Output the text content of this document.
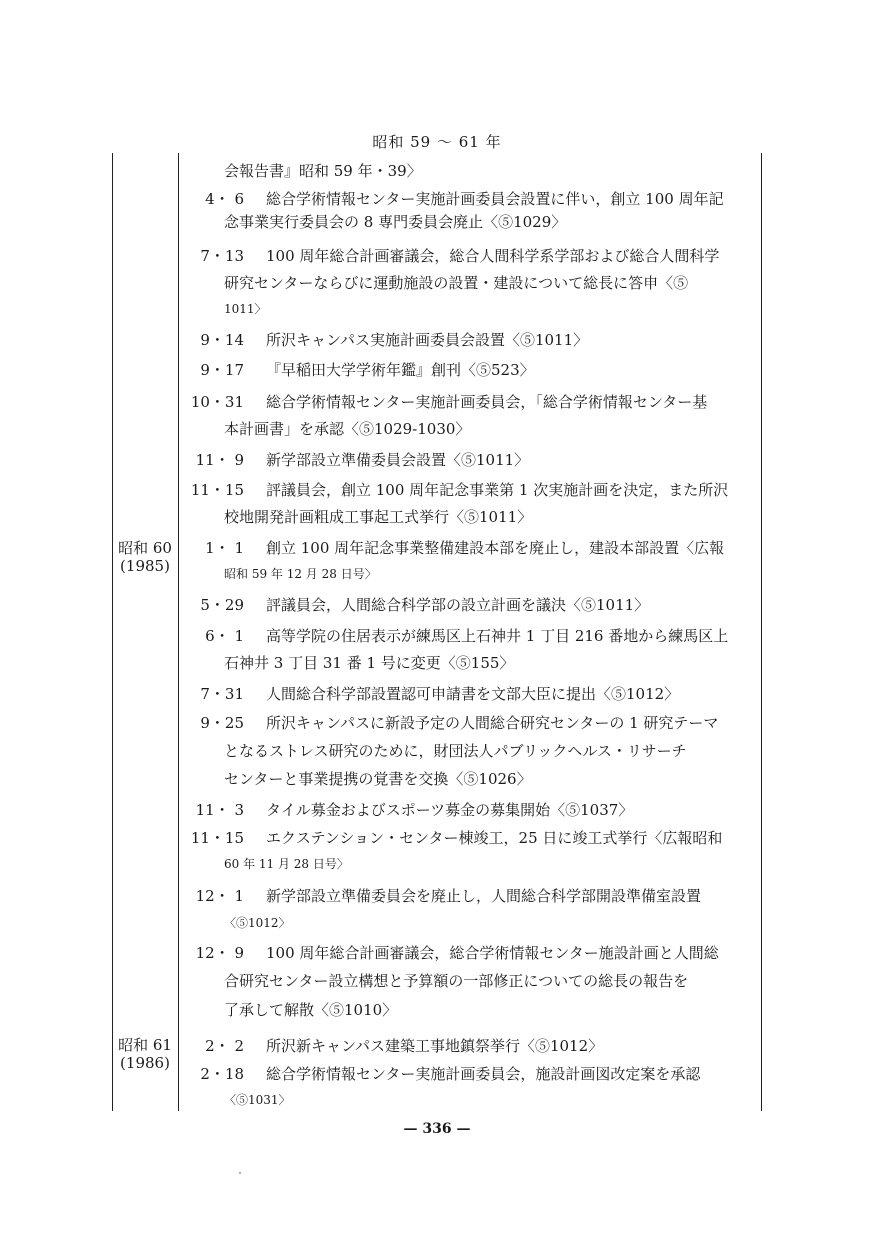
昭和 59 〜 61 年
昭和 60
(1985)
昭和 61
(1986)
会報告書』昭和 59 年・39〉
4・ 6 総合学術情報センター実施計画委員会設置に伴い，創立 100 周年記
念事業実行委員会の 8 専門委員会廃止〈⑤1029〉
7・13 100 周年総合計画審議会，総合人間科学系学部および総合人間科学
研究センターならびに運動施設の設置・建設について総長に答申〈⑤
1011〉
9・14 所沢キャンパス実施計画委員会設置〈⑤1011〉
9・17 『早稲田大学学術年鑑』創刊〈⑤523〉
10・31 総合学術情報センター実施計画委員会，「総合学術情報センター基
本計画書」を承認〈⑤1029-1030〉
11・ 9 新学部設立準備委員会設置〈⑤1011〉
11・15 評議員会，創立 100 周年記念事業第 1 次実施計画を決定，また所沢
校地開発計画粗成工事起工式挙行〈⑤1011〉
1・ 1 創立 100 周年記念事業整備建設本部を廃止し，建設本部設置〈広報
昭和 59 年 12 月 28 日号〉
5・29 評議員会，人間総合科学部の設立計画を議決〈⑤1011〉
6・ 1 高等学院の住居表示が練馬区上石神井 1 丁目 216 番地から練馬区上
石神井 3 丁目 31 番 1 号に変更〈⑤155〉
7・31 人間総合科学部設置認可申請書を文部大臣に提出〈⑤1012〉
9・25 所沢キャンパスに新設予定の人間総合研究センターの 1 研究テーマ
となるストレス研究のために，財団法人パブリックヘルス・リサーチ
センターと事業提携の覚書を交換〈⑤1026〉
11・ 3 タイル募金およびスポーツ募金の募集開始〈⑤1037〉
11・15 エクステンション・センター棟竣工，25 日に竣工式挙行〈広報昭和
60 年 11 月 28 日号〉
12・ 1 新学部設立準備委員会を廃止し，人間総合科学部開設準備室設置
〈⑤1012〉
12・ 9 100 周年総合計画審議会，総合学術情報センター施設計画と人間総
合研究センター設立構想と予算額の一部修正についての総長の報告を
了承して解散〈⑤1010〉
2・ 2 所沢新キャンパス建築工事地鎮祭挙行〈⑤1012〉
2・18 総合学術情報センター実施計画委員会，施設計画図改定案を承認
〈⑤1031〉
— 336 —
